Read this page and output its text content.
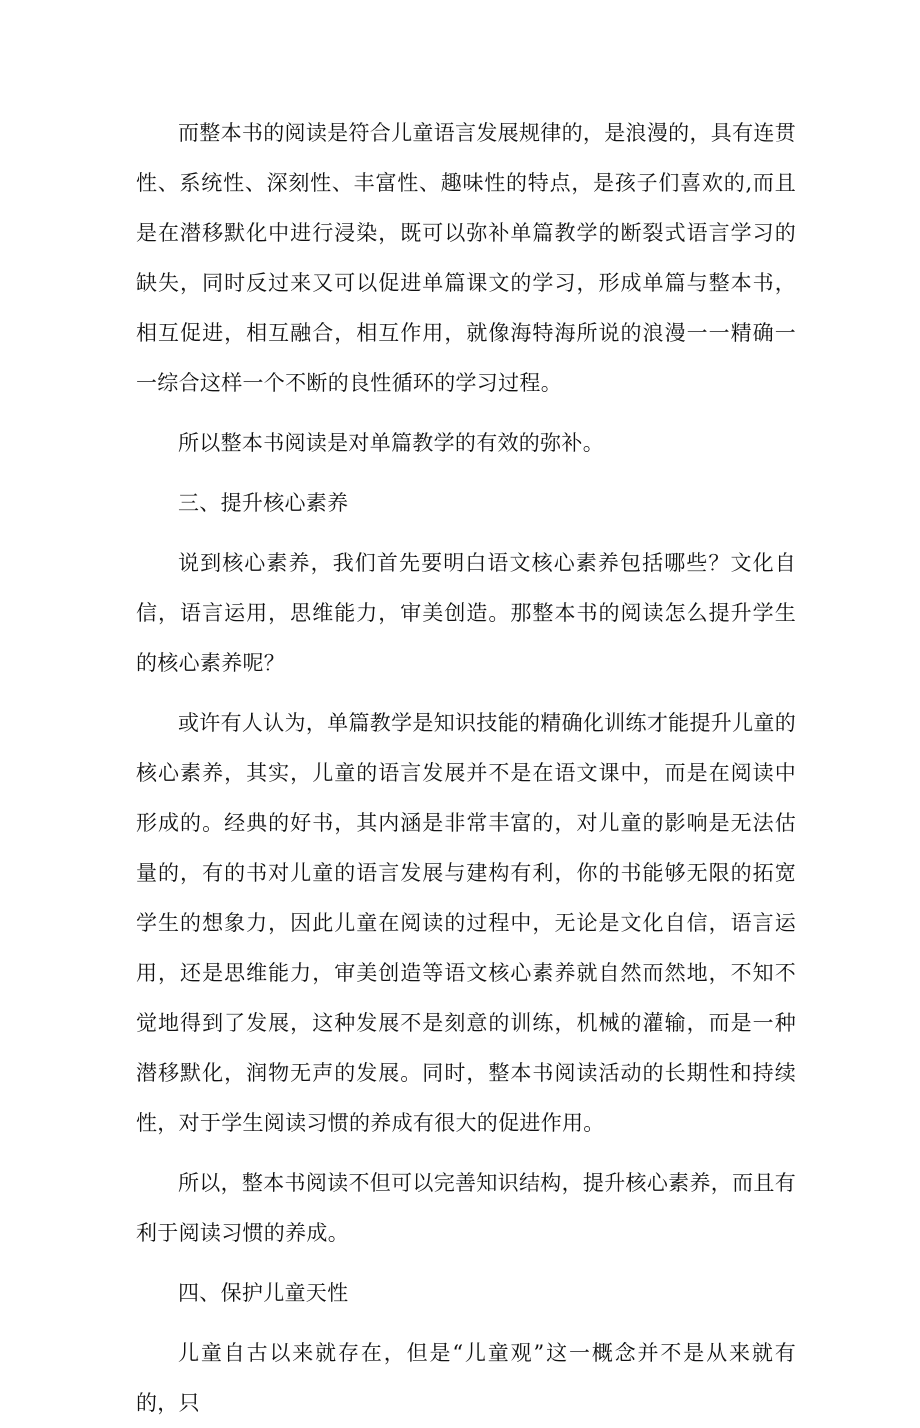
而整本书的阅读是符合儿童语言发展规律的，是浪漫的，具有连贯性、系统性、深刻性、丰富性、趣味性的特点，是孩子们喜欢的,而且是在潜移默化中进行浸染，既可以弥补单篇教学的断裂式语言学习的缺失，同时反过来又可以促进单篇课文的学习，形成单篇与整本书，相互促进，相互融合，相互作用，就像海特海所说的浪漫一一精确一一综合这样一个不断的良性循环的学习过程。

所以整本书阅读是对单篇教学的有效的弥补。

三、提升核心素养

说到核心素养，我们首先要明白语文核心素养包括哪些？文化自信，语言运用，思维能力，审美创造。那整本书的阅读怎么提升学生的核心素养呢？

或许有人认为，单篇教学是知识技能的精确化训练才能提升儿童的核心素养，其实，儿童的语言发展并不是在语文课中，而是在阅读中形成的。经典的好书，其内涵是非常丰富的，对儿童的影响是无法估量的，有的书对儿童的语言发展与建构有利，你的书能够无限的拓宽学生的想象力，因此儿童在阅读的过程中，无论是文化自信，语言运用，还是思维能力，审美创造等语文核心素养就自然而然地，不知不觉地得到了发展，这种发展不是刻意的训练，机械的灌输，而是一种潜移默化，润物无声的发展。同时，整本书阅读活动的长期性和持续性，对于学生阅读习惯的养成有很大的促进作用。

所以，整本书阅读不但可以完善知识结构，提升核心素养，而且有利于阅读习惯的养成。

四、保护儿童天性

儿童自古以来就存在，但是“儿童观”这一概念并不是从来就有的，只
